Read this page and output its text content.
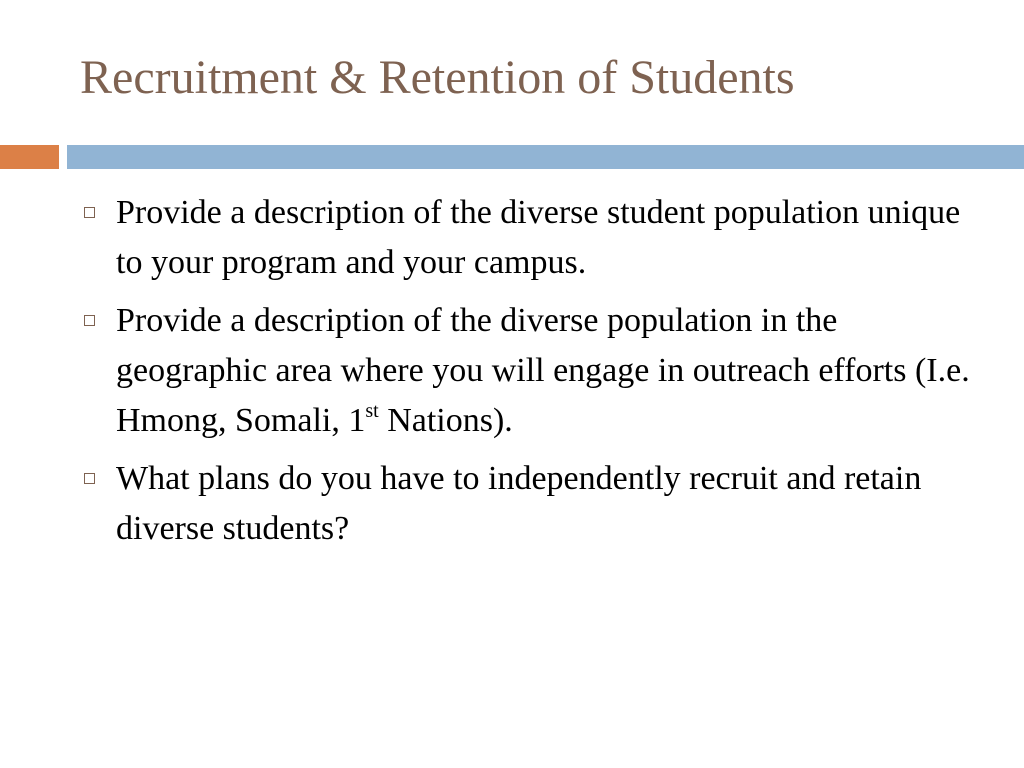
Recruitment & Retention of Students
Provide a description of the diverse student population unique to your program and your campus.
Provide a description of the diverse population in the geographic area where you will engage in outreach efforts (I.e. Hmong, Somali, 1st Nations).
What plans do you have to independently recruit and retain diverse students?
